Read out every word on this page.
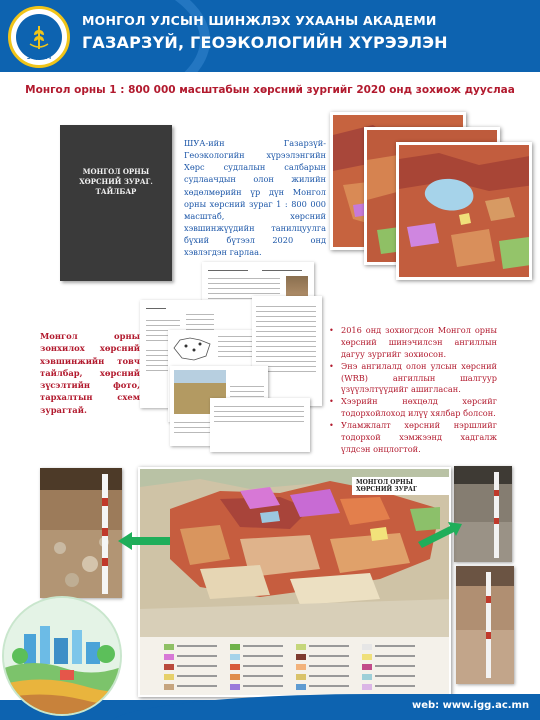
ЭРДЭМ
МОНГОЛ УЛСЫН ШИНЖЛЭХ УХААНЫ АКАДЕМИ
ГАЗАРЗҮЙ, ГЕОЭКОЛОГИЙН ХҮРЭЭЛЭН
Монгол орны 1 : 800 000 масштабын хөрсний зургийг 2020 онд зохиож дууслаа
МОНГОЛ ОРНЫ ХӨРСНИЙ ЗУРАГ. ТАЙЛБАР
ШУА-ийн Газарзүй-Геоэкологийн хүрээлэнгийн Хөрс судлалын салбарын судлаачдын олон жилийн хөдөлмөрийн үр дүн Монгол орны хөрсний зураг 1 : 800 000 масштаб, хөрсний хэвшинжүүдийн танилцуулга бүхий бүтээл 2020 онд хэвлэгдэн гарлаа.
Монгол орны зонхилох хөрсний хэвшинжийн товч тайлбар, хөрсний зүсэлтийн фото, тархалтын схем зурагтай.
• 2016 онд зохиогдсон Монгол орны хөрсний шинэчилсэн ангиллын дагуу зургийг зохиосон.
• Энэ ангилалд олон улсын хөрсний (WRB) ангиллын шалгуур үзүүлэлтүүдийг ашигласан.
• Хээрийн нөхцөлд хөрсийг тодорхойлоход илүү хялбар болсон.
• Уламжлалт хөрсний нэршлийг тодорхой хэмжээнд хадгалж үлдсэн онцлогтой.
МОНГОЛ ОРНЫ ХӨРСНИЙ ЗУРАГ
web: www.igg.ac.mn
